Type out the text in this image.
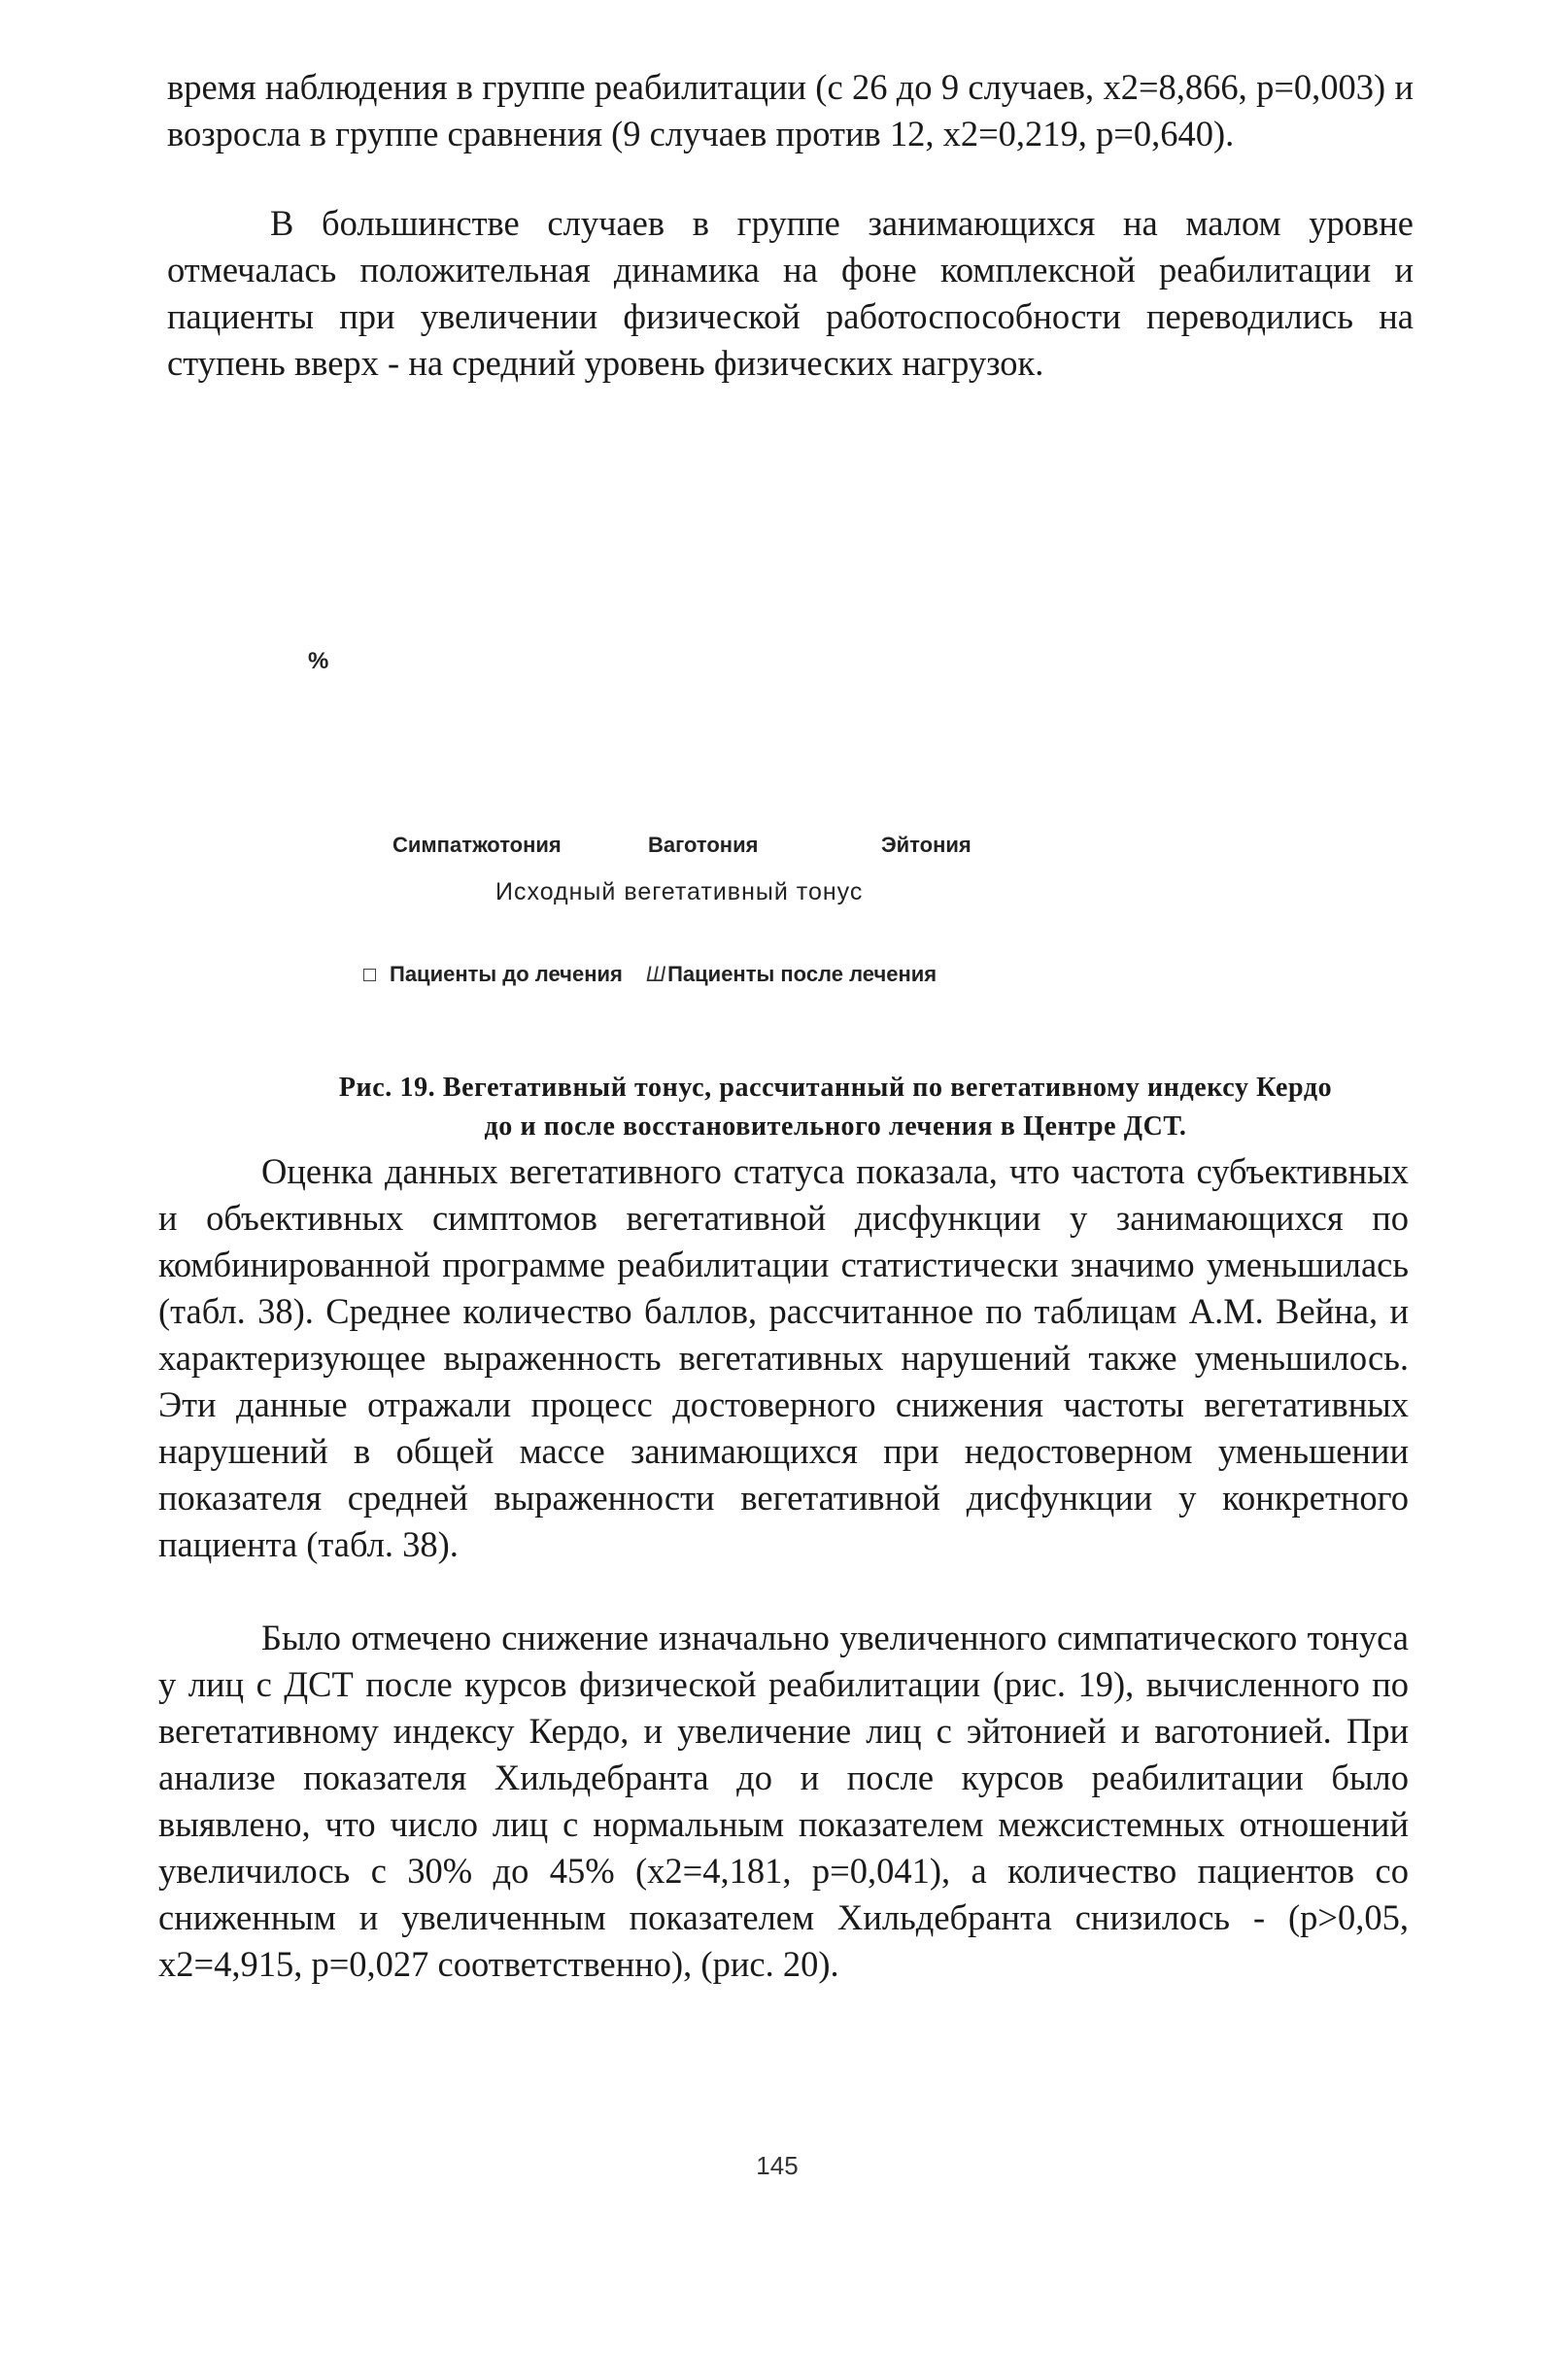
время наблюдения в группе реабилитации (с 26 до 9 случаев, x2=8,866, p=0,003) и возросла в группе сравнения (9 случаев против 12, x2=0,219, p=0,640).

В большинстве случаев в группе занимающихся на малом уровне отмечалась положительная динамика на фоне комплексной реабилитации и пациенты при увеличении физической работоспособности переводились на ступень вверх - на средний уровень физических нагрузок.

%
Симпатжотония	Ваготония	Эйтония
Исходный вегетативный тонус
Пациенты до лечения Ш Пациенты после лечения
Рис. 19. Вегетативный тонус, рассчитанный по вегетативному индексу Кердо
до и после восстановительного лечения в Центре ДСТ.

Оценка данных вегетативного статуса показала, что частота субъективных и объективных симптомов вегетативной дисфункции у занимающихся по комбинированной программе реабилитации статистически значимо уменьшилась (табл. 38). Среднее количество баллов, рассчитанное по таблицам А.М. Вейна, и характеризующее выраженность вегетативных нарушений также уменьшилось. Эти данные отражали процесс достоверного снижения частоты вегетативных нарушений в общей массе занимающихся при недостоверном уменьшении показателя средней выраженности вегетативной дисфункции у конкретного пациента (табл. 38).

Было отмечено снижение изначально увеличенного симпатического тонуса у лиц с ДСТ после курсов физической реабилитации (рис. 19), вычисленного по вегетативному индексу Кердо, и увеличение лиц с эйтонией и ваготонией. При анализе показателя Хильдебранта до и после курсов реабилитации было выявлено, что число лиц с нормальным показателем межсистемных отношений увеличилось с 30% до 45% (x2=4,181, p=0,041), а количество пациентов со сниженным и увеличенным показателем Хильдебранта снизилось - (p>0,05, x2=4,915, p=0,027 соответственно), (рис. 20).

145
